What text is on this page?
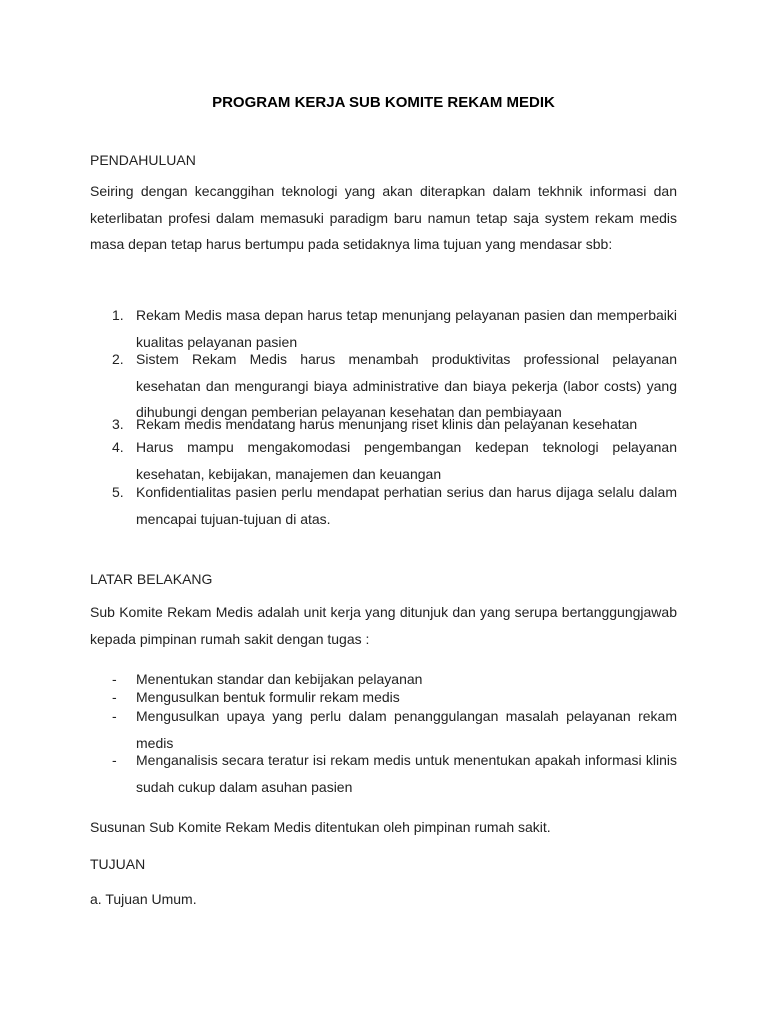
PROGRAM KERJA SUB KOMITE REKAM MEDIK
PENDAHULUAN

Seiring dengan kecanggihan teknologi yang akan diterapkan dalam tekhnik informasi dan keterlibatan profesi dalam memasuki paradigm baru namun tetap saja system rekam medis masa depan tetap harus bertumpu pada setidaknya lima tujuan yang mendasar sbb:

1. Rekam Medis masa depan harus tetap menunjang pelayanan pasien dan memperbaiki kualitas pelayanan pasien

2. Sistem Rekam Medis harus menambah produktivitas professional pelayanan kesehatan dan mengurangi biaya administrative dan biaya pekerja (labor costs) yang dihubungi dengan pemberian pelayanan kesehatan dan pembiayaan

3. Rekam medis mendatang harus menunjang riset klinis dan pelayanan kesehatan

4. Harus mampu mengakomodasi pengembangan kedepan teknologi pelayanan kesehatan, kebijakan, manajemen dan keuangan

5. Konfidentialitas pasien perlu mendapat perhatian serius dan harus dijaga selalu dalam mencapai tujuan-tujuan di atas.

LATAR BELAKANG

Sub Komite Rekam Medis adalah unit kerja yang ditunjuk dan yang serupa bertanggungjawab kepada pimpinan rumah sakit dengan tugas :

- Menentukan standar dan kebijakan pelayanan

- Mengusulkan bentuk formulir rekam medis

- Mengusulkan upaya yang perlu dalam penanggulangan masalah pelayanan rekam medis

- Menganalisis secara teratur isi rekam medis untuk menentukan apakah informasi klinis sudah cukup dalam asuhan pasien

Susunan Sub Komite Rekam Medis ditentukan oleh pimpinan rumah sakit.

TUJUAN

a. Tujuan Umum.
